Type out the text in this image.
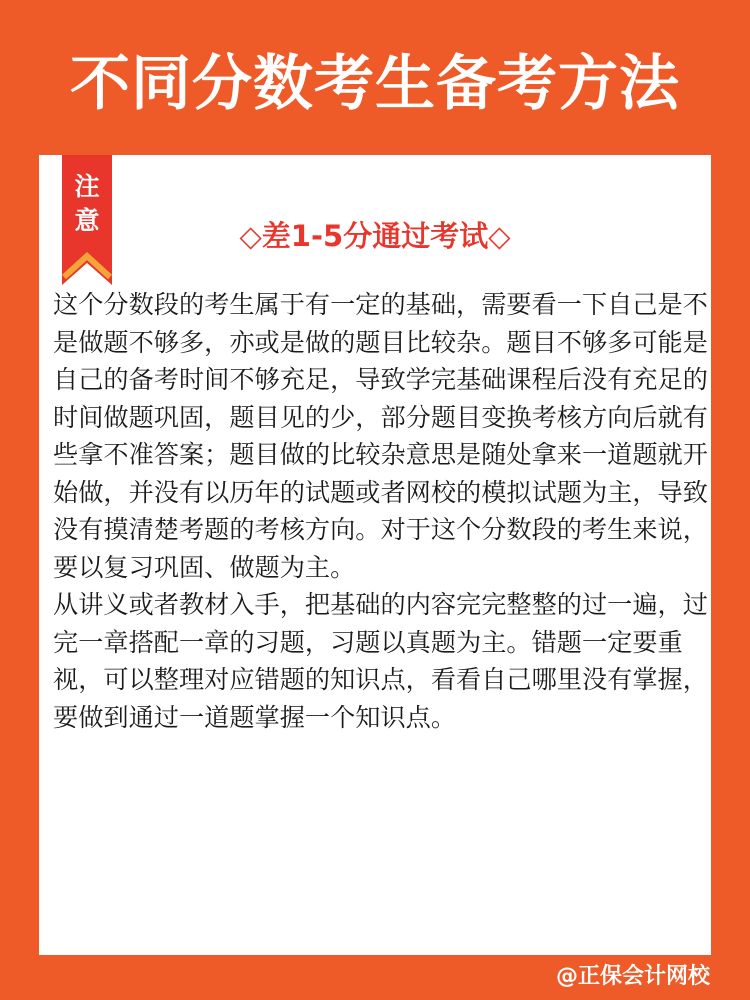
不同分数考生备考方法
注
意	◇差1-5分通过考试◇

这个分数段的考生属于有一定的基础，需要看一下自己是不是做题不够多，亦或是做的题目比较杂。题目不够多可能是自己的备考时间不够充足，导致学完基础课程后没有充足的时间做题巩固，题目见的少，部分题目变换考核方向后就有些拿不准答案；题目做的比较杂意思是随处拿来一道题就开始做，并没有以历年的试题或者网校的模拟试题为主，导致没有摸清楚考题的考核方向。对于这个分数段的考生来说，要以复习巩固、做题为主。

从讲义或者教材入手，把基础的内容完完整整的过一遍，过完一章搭配一章的习题，习题以真题为主。错题一定要重视，可以整理对应错题的知识点，看看自己哪里没有掌握，要做到通过一道题掌握一个知识点。

@正保会计网校
